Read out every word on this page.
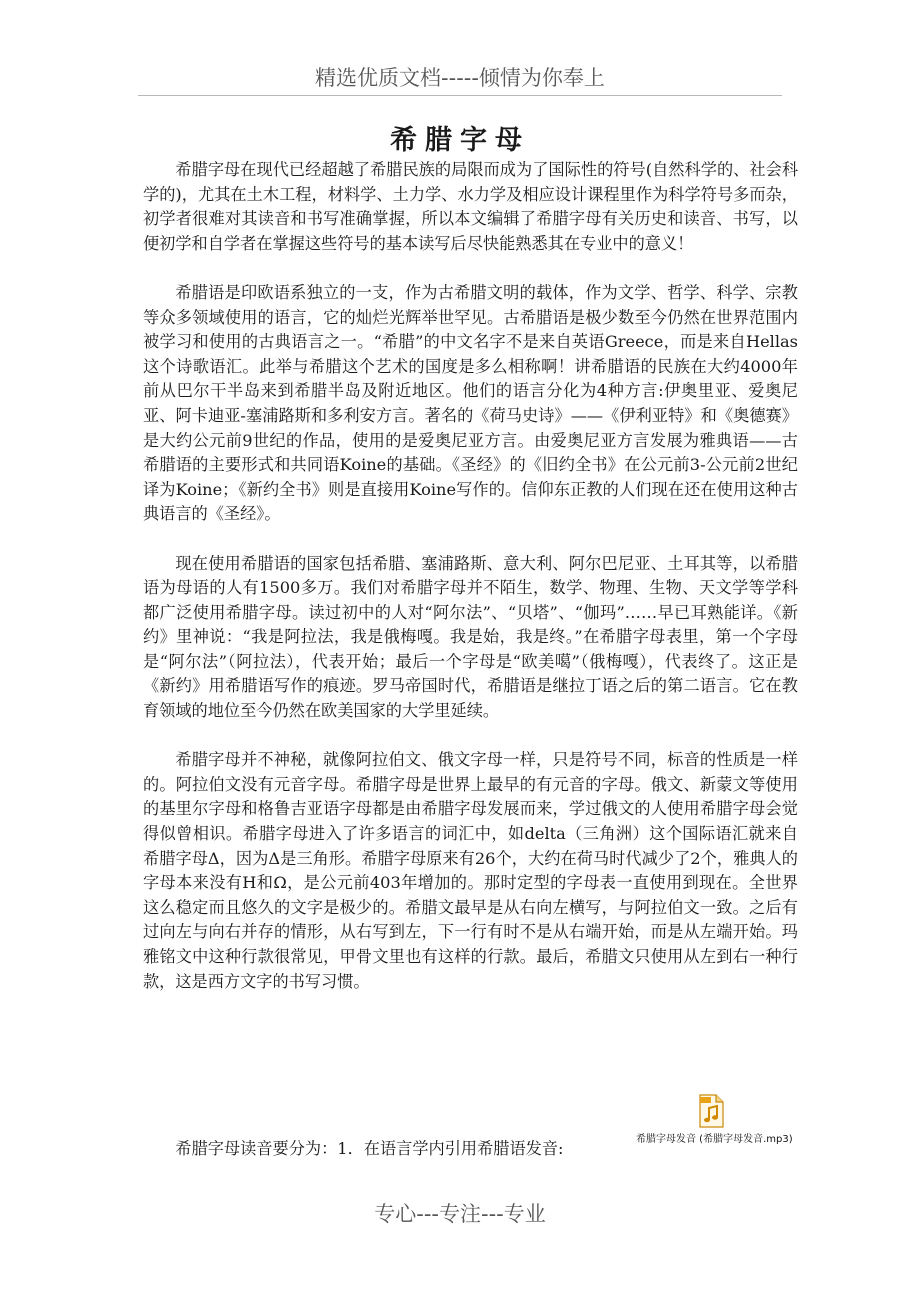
精选优质文档-----倾情为你奉上
希腊字母

希腊字母在现代已经超越了希腊民族的局限而成为了国际性的符号(自然科学的、社会科学的)，尤其在土木工程，材料学、土力学、水力学及相应设计课程里作为科学符号多而杂，初学者很难对其读音和书写准确掌握，所以本文编辑了希腊字母有关历史和读音、书写，以便初学和自学者在掌握这些符号的基本读写后尽快能熟悉其在专业中的意义！

希腊语是印欧语系独立的一支，作为古希腊文明的载体，作为文学、哲学、科学、宗教等众多领域使用的语言，它的灿烂光辉举世罕见。古希腊语是极少数至今仍然在世界范围内被学习和使用的古典语言之一。“希腊”的中文名字不是来自英语Greece，而是来自Hellas这个诗歌语汇。此举与希腊这个艺术的国度是多么相称啊！讲希腊语的民族在大约4000年前从巴尔干半岛来到希腊半岛及附近地区。他们的语言分化为4种方言:伊奥里亚、爱奥尼亚、阿卡迪亚-塞浦路斯和多利安方言。著名的《荷马史诗》——《伊利亚特》和《奥德赛》是大约公元前9世纪的作品，使用的是爱奥尼亚方言。由爱奥尼亚方言发展为雅典语——古希腊语的主要形式和共同语Koine的基础。《圣经》的《旧约全书》在公元前3-公元前2世纪译为Koine；《新约全书》则是直接用Koine写作的。信仰东正教的人们现在还在使用这种古典语言的《圣经》。

现在使用希腊语的国家包括希腊、塞浦路斯、意大利、阿尔巴尼亚、土耳其等，以希腊语为母语的人有1500多万。我们对希腊字母并不陌生，数学、物理、生物、天文学等学科都广泛使用希腊字母。读过初中的人对“阿尔法”、“贝塔”、“伽玛”……早已耳熟能详。《新约》里神说：“我是阿拉法，我是俄梅嘎。我是始，我是终。”在希腊字母表里，第一个字母是“阿尔法”（阿拉法），代表开始；最后一个字母是“欧美噶”（俄梅嘎），代表终了。这正是《新约》用希腊语写作的痕迹。罗马帝国时代，希腊语是继拉丁语之后的第二语言。它在教育领域的地位至今仍然在欧美国家的大学里延续。

希腊字母并不神秘，就像阿拉伯文、俄文字母一样，只是符号不同，标音的性质是一样的。阿拉伯文没有元音字母。希腊字母是世界上最早的有元音的字母。俄文、新蒙文等使用的基里尔字母和格鲁吉亚语字母都是由希腊字母发展而来，学过俄文的人使用希腊字母会觉得似曾相识。希腊字母进入了许多语言的词汇中，如delta（三角洲）这个国际语汇就来自希腊字母Δ，因为Δ是三角形。希腊字母原来有26个，大约在荷马时代减少了2个，雅典人的字母本来没有Η和Ω，是公元前403年增加的。那时定型的字母表一直使用到现在。全世界这么稳定而且悠久的文字是极少的。希腊文最早是从右向左横写，与阿拉伯文一致。之后有过向左与向右并存的情形，从右写到左，下一行有时不是从右端开始，而是从左端开始。玛雅铭文中这种行款很常见，甲骨文里也有这样的行款。最后，希腊文只使用从左到右一种行款，这是西方文字的书写习惯。

希腊字母读音要分为：1．在语言学内引用希腊语发音:	希腊字母发音 (希腊字母发音.mp3)
专心---专注---专业
